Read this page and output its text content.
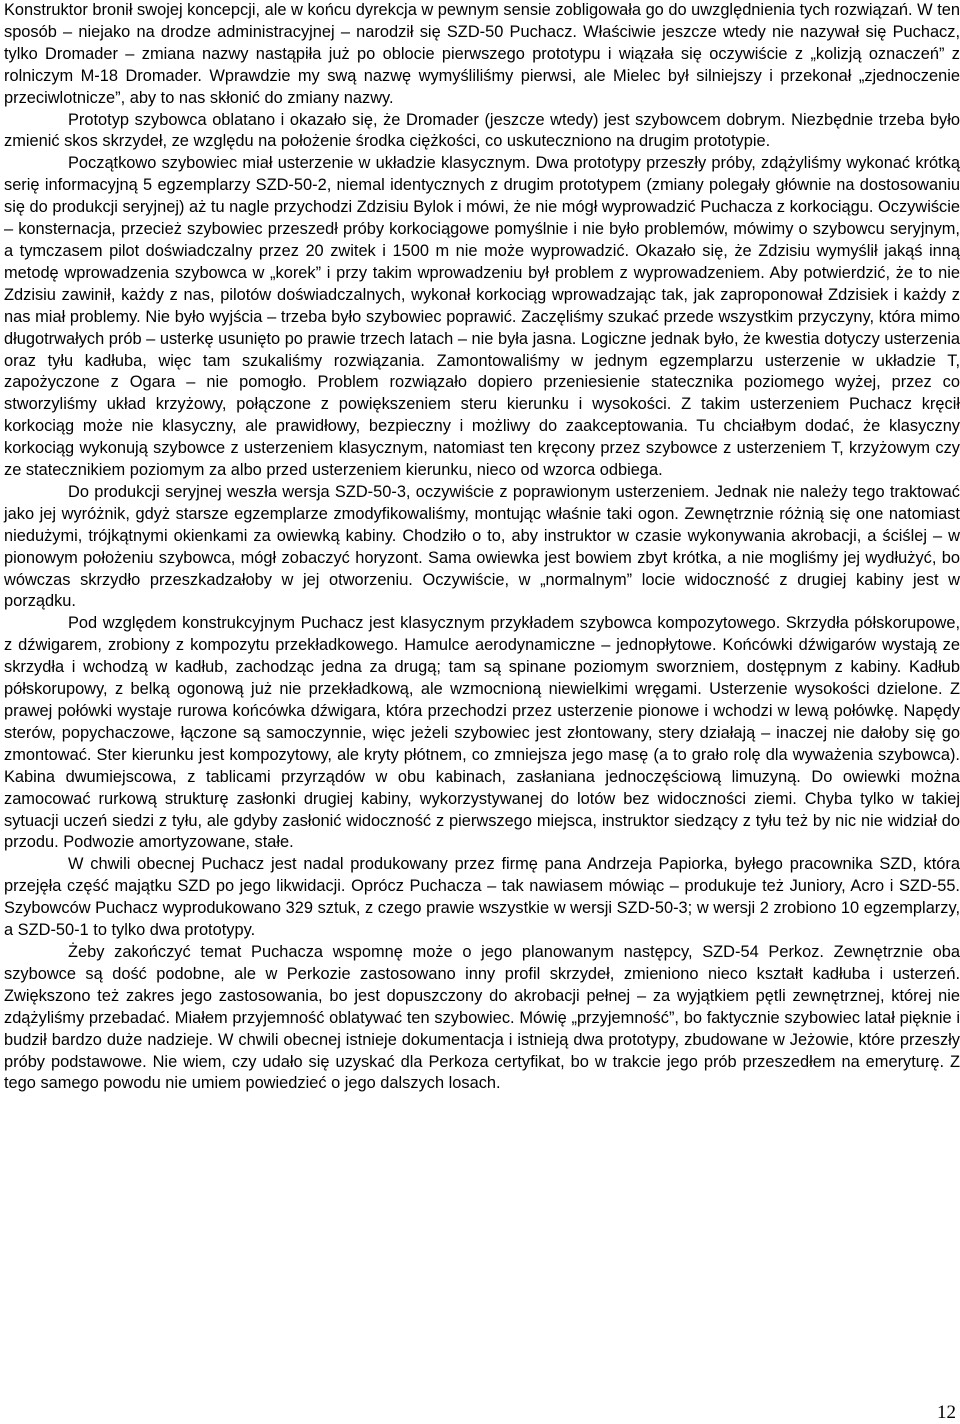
Konstruktor bronił swojej koncepcji, ale w końcu dyrekcja w pewnym sensie zobligowała go do uwzględnienia tych rozwiązań. W ten sposób – niejako na drodze administracyjnej – narodził się SZD-50 Puchacz. Właściwie jeszcze wtedy nie nazywał się Puchacz, tylko Dromader – zmiana nazwy nastąpiła już po oblocie pierwszego prototypu i wiązała się oczywiście z „kolizją oznaczeń” z rolniczym M-18 Dromader. Wprawdzie my swą nazwę wymyśliliśmy pierwsi, ale Mielec był silniejszy i przekonał „zjednoczenie przeciwlotnicze”, aby to nas skłonić do zmiany nazwy.

Prototyp szybowca oblatano i okazało się, że Dromader (jeszcze wtedy) jest szybowcem dobrym. Niezbędnie trzeba było zmienić skos skrzydeł, ze względu na położenie środka ciężkości, co uskuteczniono na drugim prototypie.

Początkowo szybowiec miał usterzenie w układzie klasycznym. Dwa prototypy przeszły próby, zdążyliśmy wykonać krótką serię informacyjną 5 egzemplarzy SZD-50-2, niemal identycznych z drugim prototypem (zmiany polegały głównie na dostosowaniu się do produkcji seryjnej) aż tu nagle przychodzi Zdzisiu Bylok i mówi, że nie mógł wyprowadzić Puchacza z korkociągu. Oczywiście – konsternacja, przecież szybowiec przeszedł próby korkociągowe pomyślnie i nie było problemów, mówimy o szybowcu seryjnym, a tymczasem pilot doświadczalny przez 20 zwitek i 1500 m nie może wyprowadzić. Okazało się, że Zdzisiu wymyślił jakąś inną metodę wprowadzenia szybowca w „korek” i przy takim wprowadzeniu był problem z wyprowadzeniem. Aby potwierdzić, że to nie Zdzisiu zawinił, każdy z nas, pilotów doświadczalnych, wykonał korkociąg wprowadzając tak, jak zaproponował Zdzisiek i każdy z nas miał problemy. Nie było wyjścia – trzeba było szybowiec poprawić. Zaczęliśmy szukać przede wszystkim przyczyny, która mimo długotrwałych prób – usterkę usunięto po prawie trzech latach – nie była jasna. Logiczne jednak było, że kwestia dotyczy usterzenia oraz tyłu kadłuba, więc tam szukaliśmy rozwiązania. Zamontowaliśmy w jednym egzemplarzu usterzenie w układzie T, zapożyczone z Ogara – nie pomogło. Problem rozwiązało dopiero przeniesienie statecznika poziomego wyżej, przez co stworzyliśmy układ krzyżowy, połączone z powiększeniem steru kierunku i wysokości. Z takim usterzeniem Puchacz kręcił korkociąg może nie klasyczny, ale prawidłowy, bezpieczny i możliwy do zaakceptowania. Tu chciałbym dodać, że klasyczny korkociąg wykonują szybowce z usterzeniem klasycznym, natomiast ten kręcony przez szybowce z usterzeniem T, krzyżowym czy ze statecznikiem poziomym za albo przed usterzeniem kierunku, nieco od wzorca odbiega.

Do produkcji seryjnej weszła wersja SZD-50-3, oczywiście z poprawionym usterzeniem. Jednak nie należy tego traktować jako jej wyróżnik, gdyż starsze egzemplarze zmodyfikowaliśmy, montując właśnie taki ogon. Zewnętrznie różnią się one natomiast niedużymi, trójkątnymi okienkami za owiewką kabiny. Chodziło o to, aby instruktor w czasie wykonywania akrobacji, a ściślej – w pionowym położeniu szybowca, mógł zobaczyć horyzont. Sama owiewka jest bowiem zbyt krótka, a nie mogliśmy jej wydłużyć, bo wówczas skrzydło przeszkadzałoby w jej otworzeniu. Oczywiście, w „normalnym” locie widoczność z drugiej kabiny jest w porządku.

Pod względem konstrukcyjnym Puchacz jest klasycznym przykładem szybowca kompozytowego. Skrzydła półskorupowe, z dźwigarem, zrobiony z kompozytu przekładkowego. Hamulce aerodynamiczne – jednopłytowe. Końcówki dźwigarów wystają ze skrzydła i wchodzą w kadłub, zachodząc jedna za drugą; tam są spinane poziomym sworzniem, dostępnym z kabiny. Kadłub półskorupowy, z belką ogonową już nie przekładkową, ale wzmocnioną niewielkimi wręgami. Usterzenie wysokości dzielone. Z prawej połówki wystaje rurowa końcówka dźwigara, która przechodzi przez usterzenie pionowe i wchodzi w lewą połówkę. Napędy sterów, popychaczowe, łączone są samoczynnie, więc jeżeli szybowiec jest złontowany, stery działają – inaczej nie dałoby się go zmontować. Ster kierunku jest kompozytowy, ale kryty płótnem, co zmniejsza jego masę (a to grało rolę dla wyważenia szybowca). Kabina dwumiejscowa, z tablicami przyrządów w obu kabinach, zasłaniana jednoczęściową limuzyną. Do owiewki można zamocować rurkową strukturę zasłonki drugiej kabiny, wykorzystywanej do lotów bez widoczności ziemi. Chyba tylko w takiej sytuacji uczeń siedzi z tyłu, ale gdyby zasłonić widoczność z pierwszego miejsca, instruktor siedzący z tyłu też by nic nie widział do przodu. Podwozie amortyzowane, stałe.

W chwili obecnej Puchacz jest nadal produkowany przez firmę pana Andrzeja Papiorka, byłego pracownika SZD, która przejęła część majątku SZD po jego likwidacji. Oprócz Puchacza – tak nawiasem mówiąc – produkuje też Juniory, Acro i SZD-55. Szybowców Puchacz wyprodukowano 329 sztuk, z czego prawie wszystkie w wersji SZD-50-3; w wersji 2 zrobiono 10 egzemplarzy, a SZD-50-1 to tylko dwa prototypy.

Żeby zakończyć temat Puchacza wspomnę może o jego planowanym następcy, SZD-54 Perkoz. Zewnętrznie oba szybowce są dość podobne, ale w Perkozie zastosowano inny profil skrzydeł, zmieniono nieco kształt kadłuba i usterzeń. Zwiększono też zakres jego zastosowania, bo jest dopuszczony do akrobacji pełnej – za wyjątkiem pętli zewnętrznej, której nie zdążyliśmy przebadać. Miałem przyjemność oblatywać ten szybowiec. Mówię „przyjemność”, bo faktycznie szybowiec latał pięknie i budził bardzo duże nadzieje. W chwili obecnej istnieje dokumentacja i istnieją dwa prototypy, zbudowane w Jeżowie, które przeszły próby podstawowe. Nie wiem, czy udało się uzyskać dla Perkoza certyfikat, bo w trakcie jego prób przeszedłem na emeryturę. Z tego samego powodu nie umiem powiedzieć o jego dalszych losach.

12
